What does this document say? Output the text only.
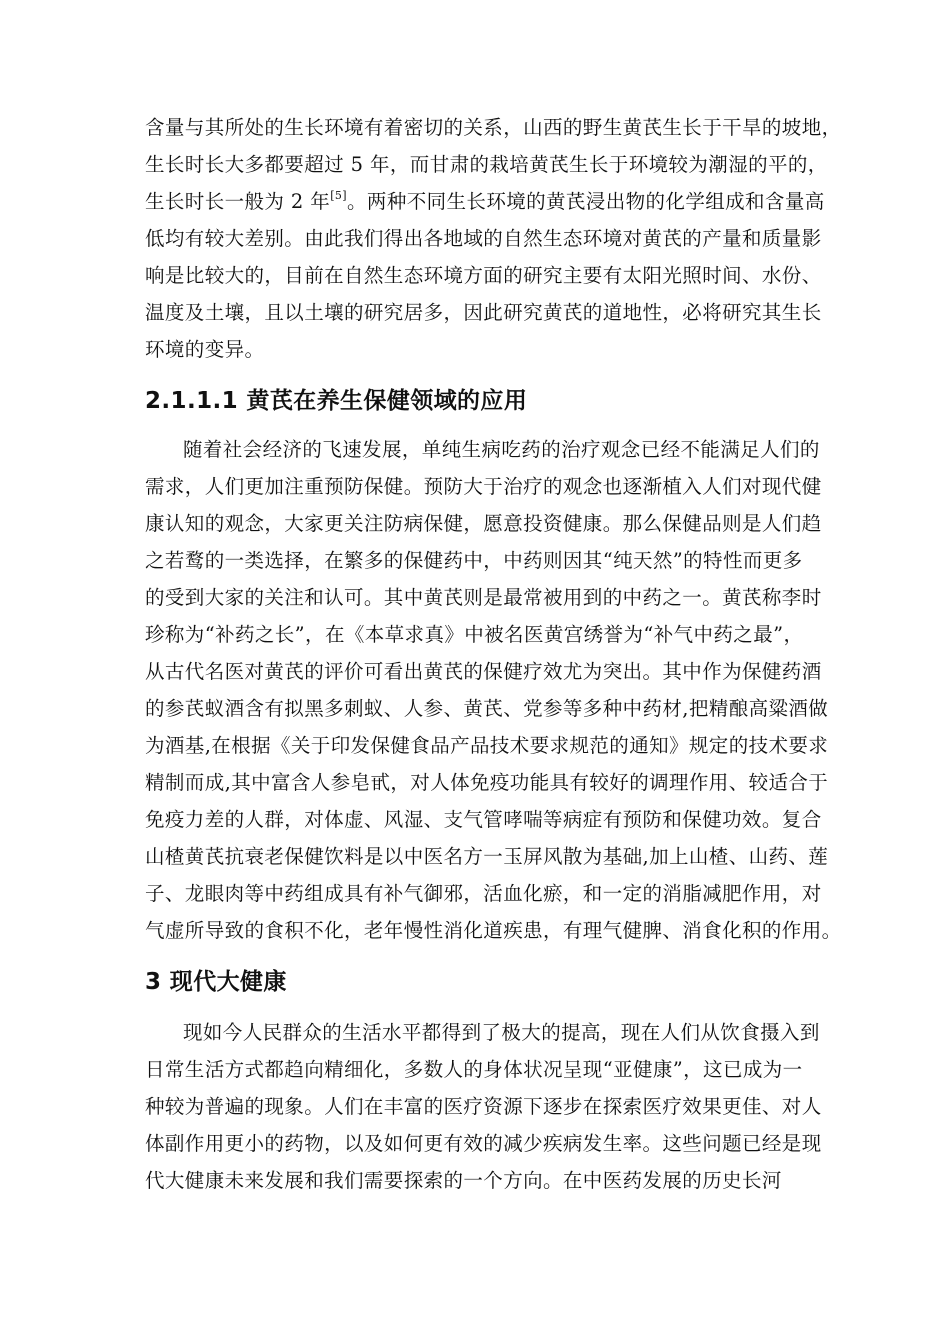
含量与其所处的生长环境有着密切的关系，山西的野生黄芪生长于干旱的坡地，
生长时长大多都要超过 5 年，而甘肃的栽培黄芪生长于环境较为潮湿的平的，
生长时长一般为 2 年[5]。两种不同生长环境的黄芪浸出物的化学组成和含量高
低均有较大差别。由此我们得出各地域的自然生态环境对黄芪的产量和质量影
响是比较大的，目前在自然生态环境方面的研究主要有太阳光照时间、水份、
温度及土壤，且以土壤的研究居多，因此研究黄芪的道地性，必将研究其生长
环境的变异。
2.1.1.1 黄芪在养生保健领域的应用
随着社会经济的飞速发展，单纯生病吃药的治疗观念已经不能满足人们的
需求，人们更加注重预防保健。预防大于治疗的观念也逐渐植入人们对现代健
康认知的观念，大家更关注防病保健，愿意投资健康。那么保健品则是人们趋
之若鹜的一类选择，在繁多的保健药中，中药则因其“纯天然”的特性而更多
的受到大家的关注和认可。其中黄芪则是最常被用到的中药之一。黄芪称李时
珍称为“补药之长”，在《本草求真》中被名医黄宫绣誉为“补气中药之最”，
从古代名医对黄芪的评价可看出黄芪的保健疗效尤为突出。其中作为保健药酒
的参芪蚁酒含有拟黑多刺蚁、人参、黄芪、党参等多种中药材,把精酿高粱酒做
为酒基,在根据《关于印发保健食品产品技术要求规范的通知》规定的技术要求
精制而成,其中富含人参皂甙，对人体免疫功能具有较好的调理作用、较适合于
免疫力差的人群，对体虚、风湿、支气管哮喘等病症有预防和保健功效。复合
山楂黄芪抗衰老保健饮料是以中医名方一玉屏风散为基础,加上山楂、山药、莲
子、龙眼肉等中药组成具有补气御邪，活血化瘀，和一定的消脂减肥作用，对
气虚所导致的食积不化，老年慢性消化道疾患，有理气健脾、消食化积的作用。
3 现代大健康
现如今人民群众的生活水平都得到了极大的提高，现在人们从饮食摄入到
日常生活方式都趋向精细化，多数人的身体状况呈现“亚健康”，这已成为一
种较为普遍的现象。人们在丰富的医疗资源下逐步在探索医疗效果更佳、对人
体副作用更小的药物，以及如何更有效的减少疾病发生率。这些问题已经是现
代大健康未来发展和我们需要探索的一个方向。在中医药发展的历史长河
